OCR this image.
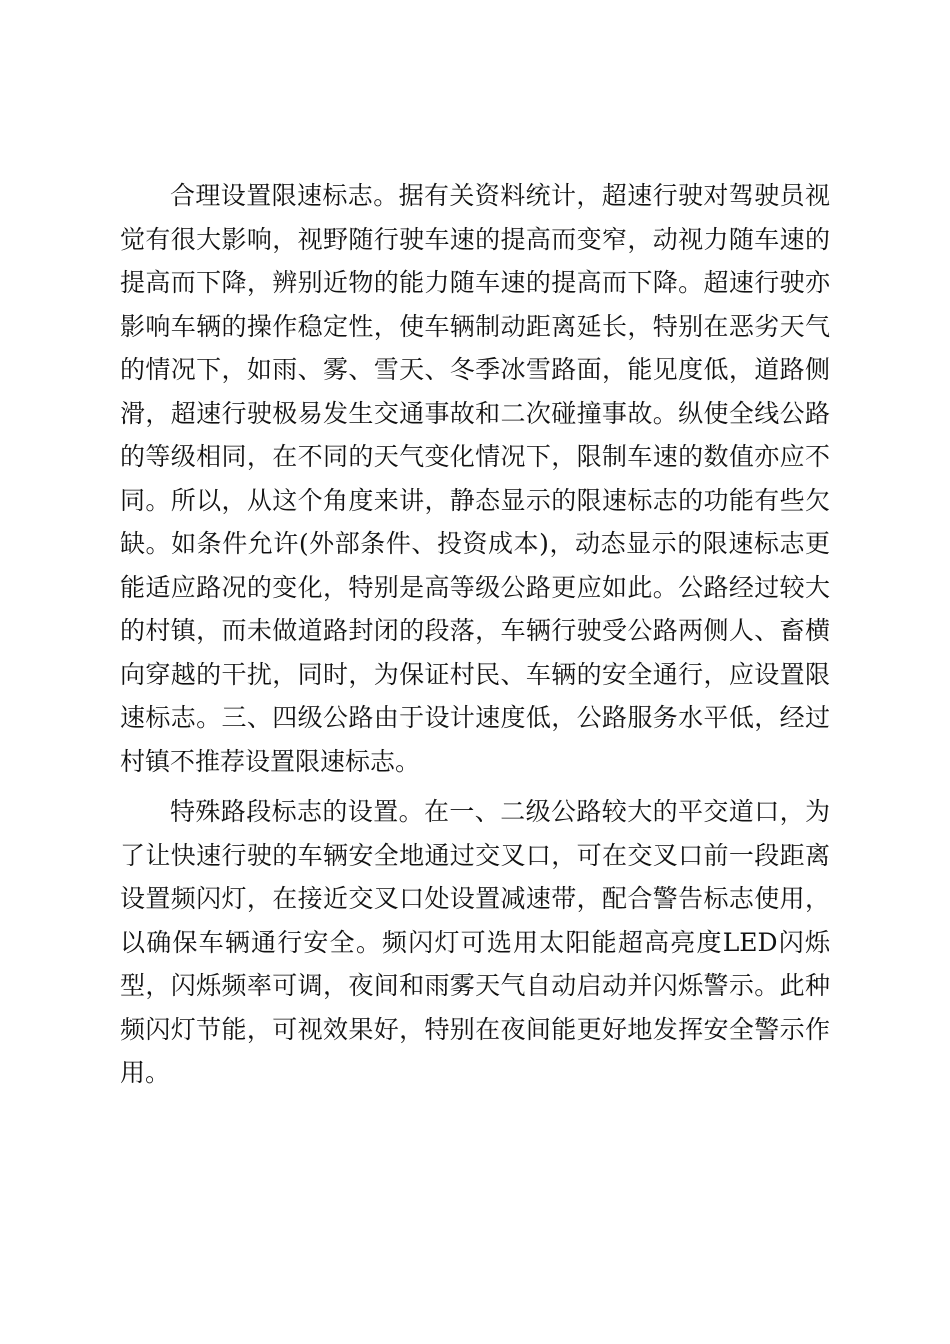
合理设置限速标志。据有关资料统计，超速行驶对驾驶员视觉有很大影响，视野随行驶车速的提高而变窄，动视力随车速的提高而下降，辨别近物的能力随车速的提高而下降。超速行驶亦影响车辆的操作稳定性，使车辆制动距离延长，特别在恶劣天气的情况下，如雨、雾、雪天、冬季冰雪路面，能见度低，道路侧滑，超速行驶极易发生交通事故和二次碰撞事故。纵使全线公路的等级相同，在不同的天气变化情况下，限制车速的数值亦应不同。所以，从这个角度来讲，静态显示的限速标志的功能有些欠缺。如条件允许(外部条件、投资成本)，动态显示的限速标志更能适应路况的变化，特别是高等级公路更应如此。公路经过较大的村镇，而未做道路封闭的段落，车辆行驶受公路两侧人、畜横向穿越的干扰，同时，为保证村民、车辆的安全通行，应设置限速标志。三、四级公路由于设计速度低，公路服务水平低，经过村镇不推荐设置限速标志。

特殊路段标志的设置。在一、二级公路较大的平交道口，为了让快速行驶的车辆安全地通过交叉口，可在交叉口前一段距离设置频闪灯，在接近交叉口处设置减速带，配合警告标志使用，以确保车辆通行安全。频闪灯可选用太阳能超高亮度LED闪烁型，闪烁频率可调，夜间和雨雾天气自动启动并闪烁警示。此种频闪灯节能，可视效果好，特别在夜间能更好地发挥安全警示作用。
